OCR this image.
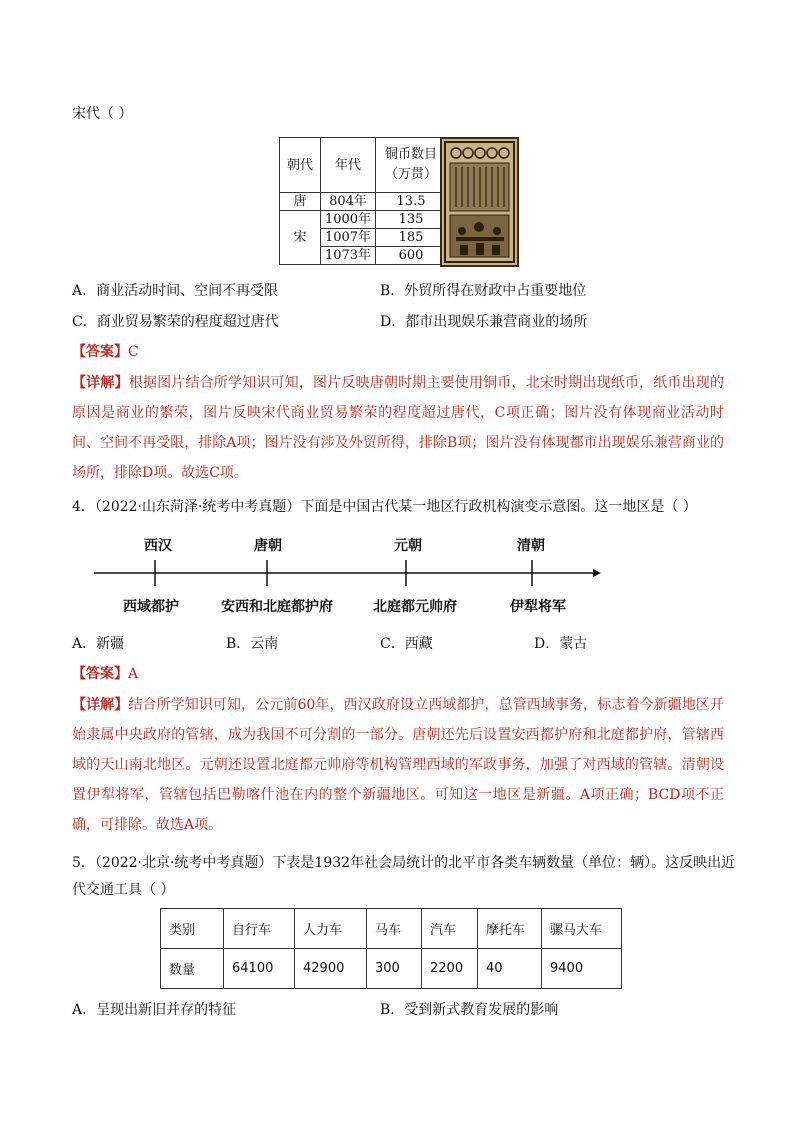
宋代（ ）
朝代	年代	铜币数目
（万贯）

唐	804年	13.5
宋	1000年	135
	1007年	185
	1073年	600
A．商业活动时间、空间不再受限	B．外贸所得在财政中占重要地位
C．商业贸易繁荣的程度超过唐代	D．都市出现娱乐兼营商业的场所
【答案】C
【详解】根据图片结合所学知识可知，图片反映唐朝时期主要使用铜币，北宋时期出现纸币，纸币出现的原因是商业的繁荣，图片反映宋代商业贸易繁荣的程度超过唐代，C项正确；图片没有体现商业活动时间、空间不再受限，排除A项；图片没有涉及外贸所得，排除B项；图片没有体现都市出现娱乐兼营商业的场所，排除D项。故选C项。
4．（2022·山东菏泽·统考中考真题）下面是中国古代某一地区行政机构演变示意图。这一地区是（ ）
西汉	唐朝	元朝	清朝
西域都护	安西和北庭都护府	北庭都元帅府	伊犁将军
A．新疆	B．云南	C．西藏	D．蒙古
【答案】A
【详解】结合所学知识可知，公元前60年，西汉政府设立西域都护，总管西域事务，标志着今新疆地区开始隶属中央政府的管辖，成为我国不可分割的一部分。唐朝还先后设置安西都护府和北庭都护府，管辖西域的天山南北地区。元朝还设置北庭都元帅府等机构管理西域的军政事务，加强了对西域的管辖。清朝设置伊犁将军，管辖包括巴勒喀什池在内的整个新疆地区。可知这一地区是新疆。A项正确；BCD项不正确，可排除。故选A项。
5．（2022·北京·统考中考真题）下表是1932年社会局统计的北平市各类车辆数量（单位：辆）。这反映出近
代交通工具（ ）
类别	自行车	人力车	马车	汽车	摩托车	骡马大车
数量	64100	42900	300	2200	40	9400
A．呈现出新旧并存的特征	B．受到新式教育发展的影响
